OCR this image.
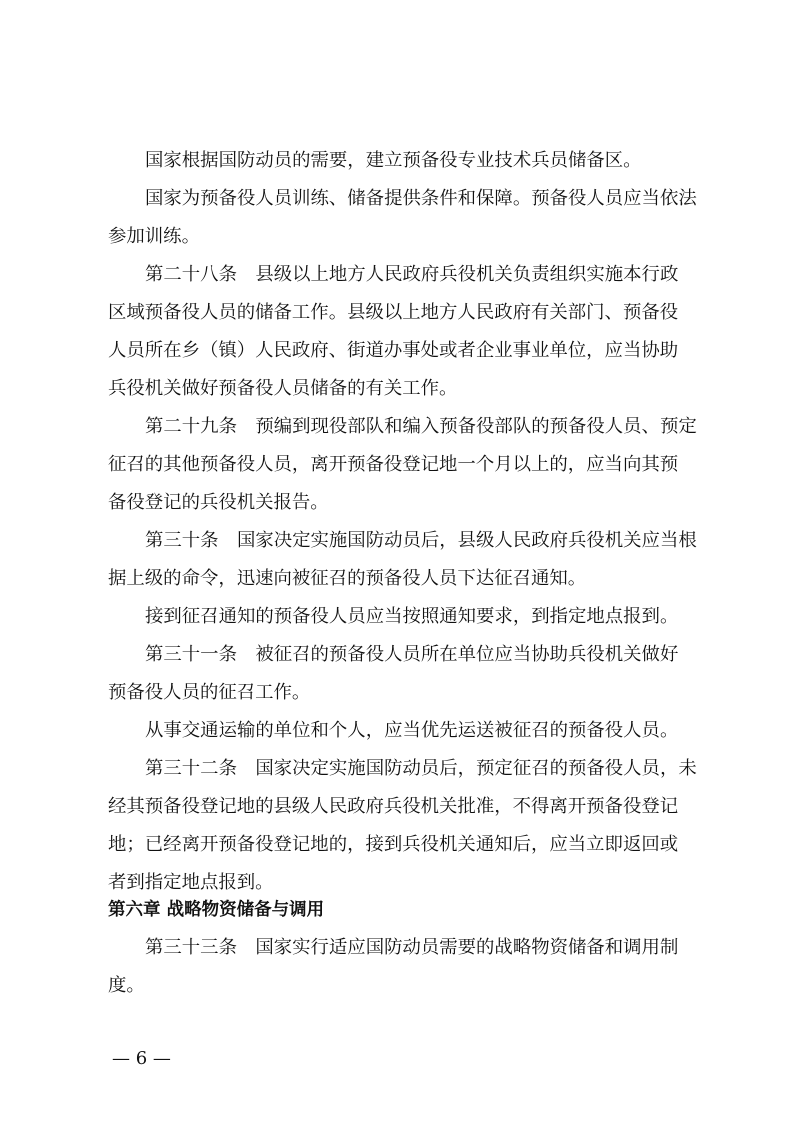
国家根据国防动员的需要，建立预备役专业技术兵员储备区。
国家为预备役人员训练、储备提供条件和保障。预备役人员应当依法
参加训练。
第二十八条　县级以上地方人民政府兵役机关负责组织实施本行政
区域预备役人员的储备工作。县级以上地方人民政府有关部门、预备役
人员所在乡（镇）人民政府、街道办事处或者企业事业单位，应当协助
兵役机关做好预备役人员储备的有关工作。
第二十九条　预编到现役部队和编入预备役部队的预备役人员、预定
征召的其他预备役人员，离开预备役登记地一个月以上的，应当向其预
备役登记的兵役机关报告。
第三十条　国家决定实施国防动员后，县级人民政府兵役机关应当根
据上级的命令，迅速向被征召的预备役人员下达征召通知。
接到征召通知的预备役人员应当按照通知要求，到指定地点报到。
第三十一条　被征召的预备役人员所在单位应当协助兵役机关做好
预备役人员的征召工作。
从事交通运输的单位和个人，应当优先运送被征召的预备役人员。
第三十二条　国家决定实施国防动员后，预定征召的预备役人员，未
经其预备役登记地的县级人民政府兵役机关批准，不得离开预备役登记
地；已经离开预备役登记地的，接到兵役机关通知后，应当立即返回或
者到指定地点报到。
第六章 战略物资储备与调用
第三十三条　国家实行适应国防动员需要的战略物资储备和调用制
度。
— 6 —
